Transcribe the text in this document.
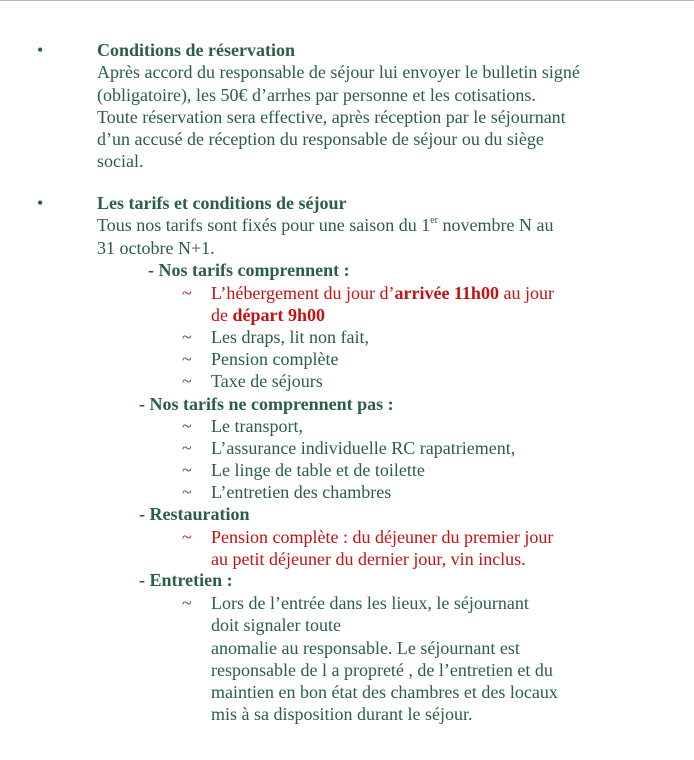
•	Conditions de réservation
Après accord du responsable de séjour lui envoyer le bulletin signé
(obligatoire), les 50€ d’arrhes par personne et les cotisations.
Toute réservation sera effective, après réception par le séjournant
d’un accusé de réception du responsable de séjour ou du siège
social.
•	Les tarifs et conditions de séjour
Tous nos tarifs sont fixés pour une saison du 1er novembre N au
31 octobre N+1.
- Nos tarifs comprennent :
~ L’hébergement du jour d’arrivée 11h00 au jour
de départ 9h00
~ Les draps, lit non fait,
~ Pension complète
~ Taxe de séjours
- Nos tarifs ne comprennent pas :
~ Le transport,
~ L’assurance individuelle RC rapatriement,
~ Le linge de table et de toilette
~ L’entretien des chambres
- Restauration
~ Pension complète : du déjeuner du premier jour
au petit déjeuner du dernier jour, vin inclus.
- Entretien :
~ Lors de l’entrée dans les lieux, le séjournant
doit signaler toute
anomalie au responsable. Le séjournant est
responsable de l a propreté , de l’entretien et du
maintien en bon état des chambres et des locaux
mis à sa disposition durant le séjour.
